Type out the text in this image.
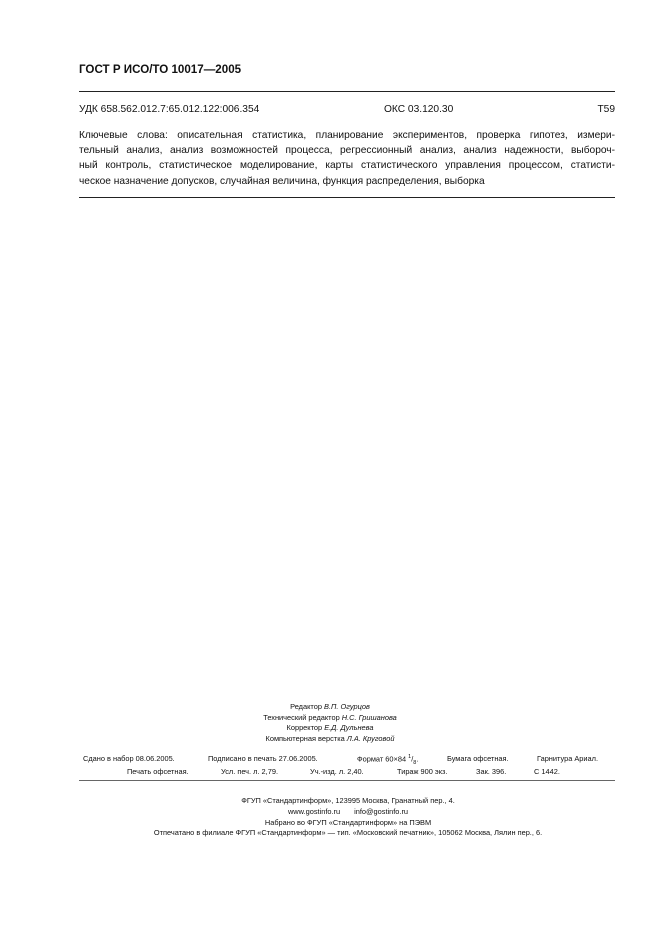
ГОСТ Р ИСО/ТО 10017—2005
УДК 658.562.012.7:65.012.122:006.354	ОКС 03.120.30	Т59
Ключевые слова: описательная статистика, планирование экспериментов, проверка гипотез, измери-
тельный анализ, анализ возможностей процесса, регрессионный анализ, анализ надежности, выбороч-
ный контроль, статистическое моделирование, карты статистического управления процессом, статисти-
ческое назначение допусков, случайная величина, функция распределения, выборка
Редактор В.П. Огурцов
Технический редактор Н.С. Гришанова
Корректор Е.Д. Дульнева
Компьютерная верстка Л.А. Круговой
Сдано в набор 08.06.2005.	Подписано в печать 27.06.2005.	Формат 60×84 $^1/_8$.	Бумага офсетная.	Гарнитура Ариал.
Печать офсетная.	Усл. печ. л. 2,79.	Уч.-изд. л. 2,40.	Тираж 900 экз.	Зак. 396.	С 1442.
ФГУП «Стандартинформ», 123995 Москва, Гранатный пер., 4.
www.gostinfo.ru info@gostinfo.ru
Набрано во ФГУП «Стандартинформ» на ПЭВМ
Отпечатано в филиале ФГУП «Стандартинформ» — тип. «Московский печатник», 105062 Москва, Лялин пер., 6.
